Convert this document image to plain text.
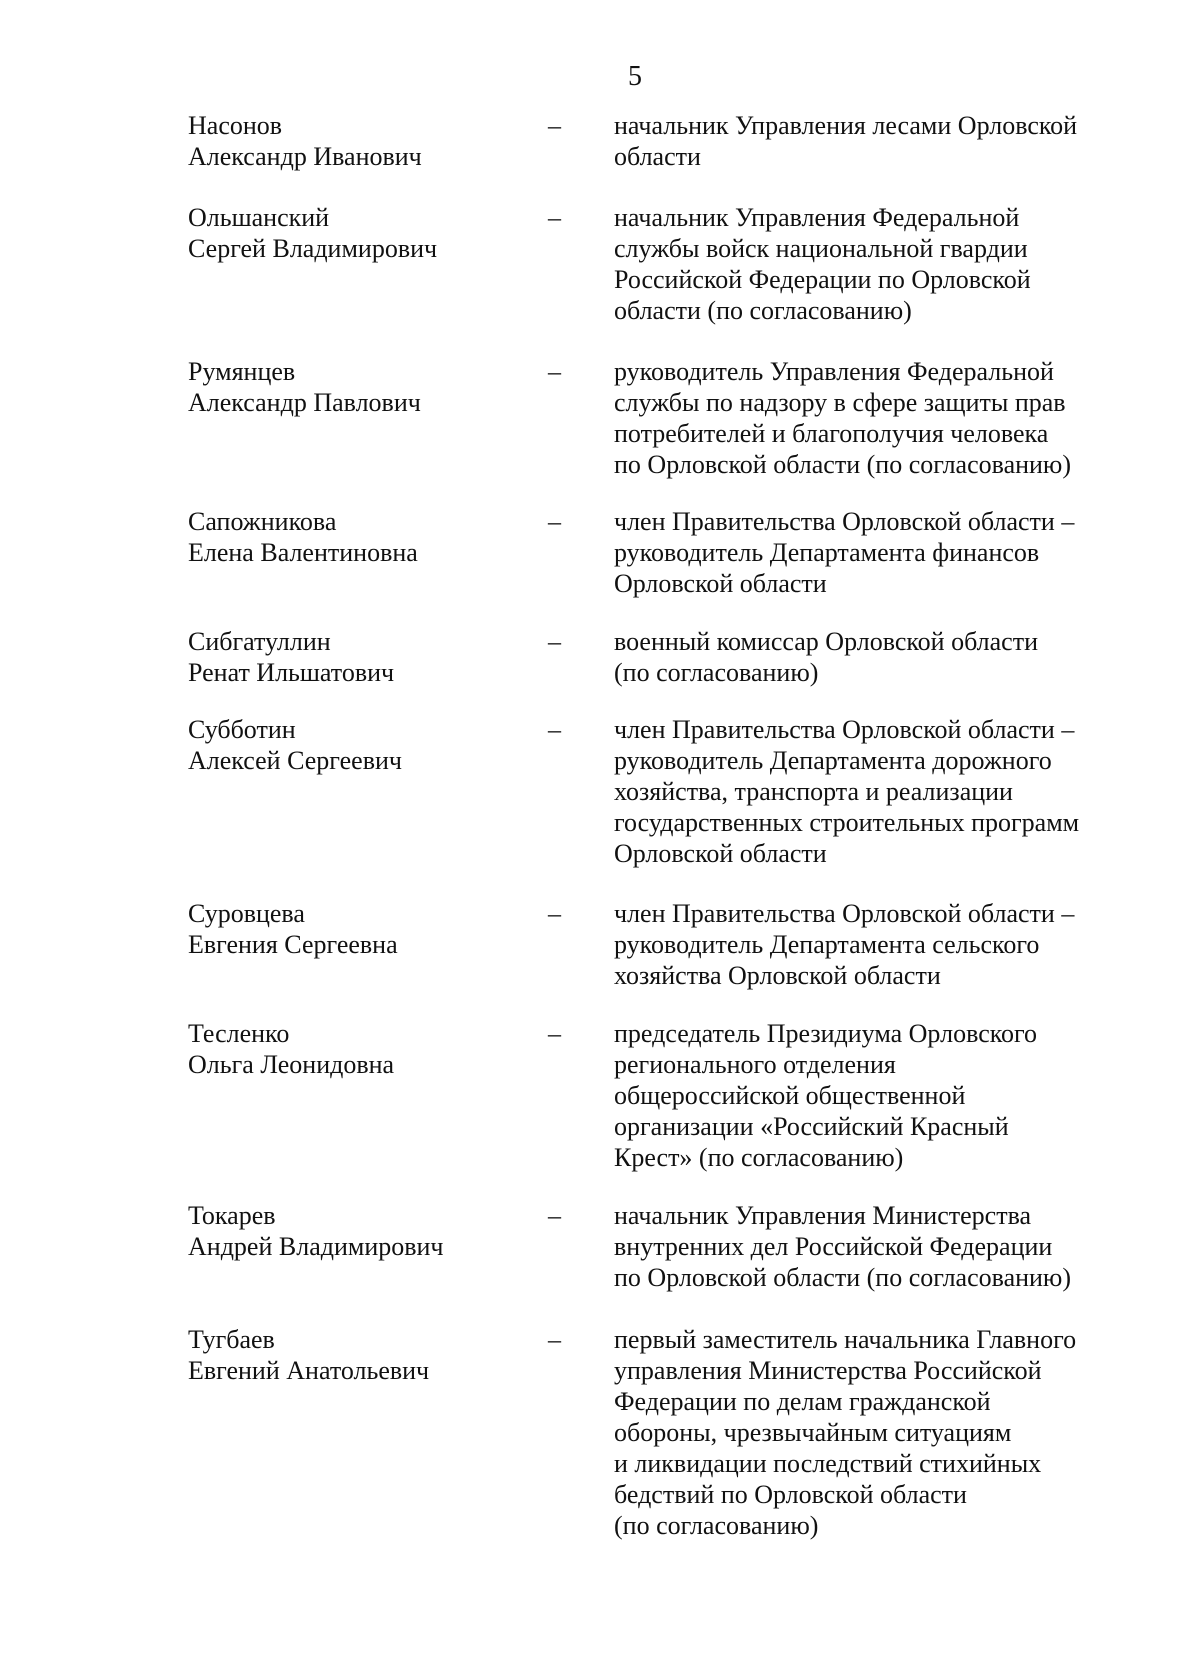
5
Насонов
Александр Иванович
–	начальник Управления лесами Орловской
области
Ольшанский
Сергей Владимирович
–	начальник Управления Федеральной
службы войск национальной гвардии
Российской Федерации по Орловской
области (по согласованию)
Румянцев
Александр Павлович
–	руководитель Управления Федеральной
службы по надзору в сфере защиты прав
потребителей и благополучия человека
по Орловской области (по согласованию)
Сапожникова
Елена Валентиновна
–	член Правительства Орловской области –
руководитель Департамента финансов
Орловской области
Сибгатуллин
Ренат Ильшатович
–	военный комиссар Орловской области
(по согласованию)
Субботин
Алексей Сергеевич
–	член Правительства Орловской области –
руководитель Департамента дорожного
хозяйства, транспорта и реализации
государственных строительных программ
Орловской области
Суровцева
Евгения Сергеевна
–	член Правительства Орловской области –
руководитель Департамента сельского
хозяйства Орловской области
Тесленко
Ольга Леонидовна
–	председатель Президиума Орловского
регионального отделения
общероссийской общественной
организации «Российский Красный
Крест» (по согласованию)
Токарев
Андрей Владимирович
–	начальник Управления Министерства
внутренних дел Российской Федерации
по Орловской области (по согласованию)
Тугбаев
Евгений Анатольевич
–	первый заместитель начальника Главного
управления Министерства Российской
Федерации по делам гражданской
обороны, чрезвычайным ситуациям
и ликвидации последствий стихийных
бедствий по Орловской области
(по согласованию)
